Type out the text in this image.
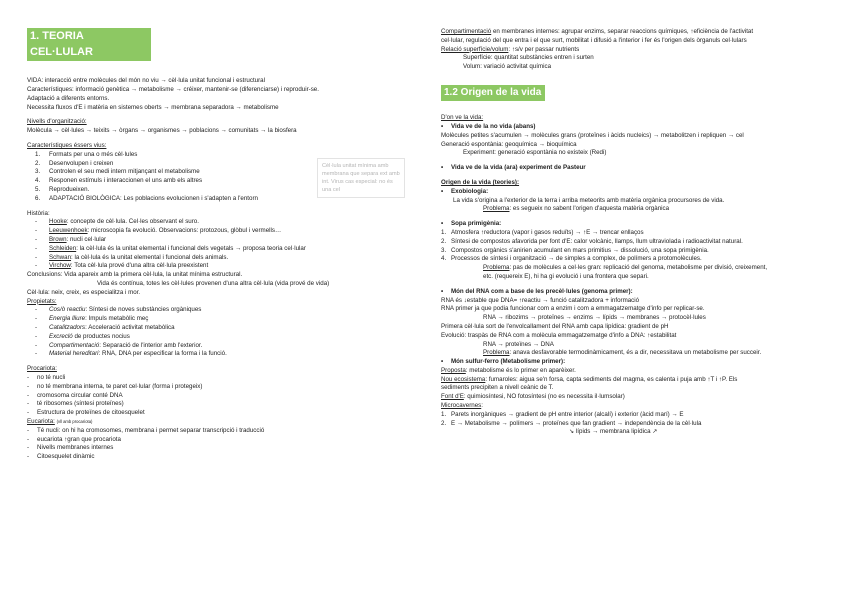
1. TEORIA CEL·LULAR

VIDA: interacció entre molècules del món no viu → cèl·lula unitat funcional i estructural

Característiques: informació genètica → metabolisme → créixer, mantenir-se (diferenciarse) i reproduir-se.

Adaptació a diferents entorns.

Necessita fluxos d'E i matèria en sistemes oberts → membrana separadora → metabolisme

Nivells d'organització:

Molècula → cèl·lules → teixits → òrgans → organismes → poblacions → comunitats → la biosfera

Característiques éssers vius:

1. Formats per una o més cèl·lules
2. Desenvolupen i creixen
3. Controlen el seu medi intern mitjançant el metabolisme
4. Responen estímuls i interaccionen el uns amb els altres
5. Reprodueixen.
6. ADAPTACIÓ BIOLÒGICA: Les poblacions evolucionen i s'adapten a l'entorn

Història:

- Hooke: concepte de cèl·lula. Cel·les observant el suro.
- Leeuwenhoek: microscopia fa evolució. Observacions: protozous, glòbul i vermells…
- Brown: nucli cel·lular
- Schleiden: la cèl·lula és la unitat elemental i funcional dels vegetals → proposa teoria cel·lular
- Schwan: la cèl·lula és la unitat elemental i funcional dels animals.
- Virchow: Tota cèl·lula prové d'una altra cèl·lula preexistent

Conclusions: Vida apareix amb la primera cèl·lula, la unitat mínima estructural.

Vida és contínua, totes les cèl·lules provenen d'una altra cèl·lula (vida prové de vida)

Cèl·lula: neix, creix, es especialitza i mor.

Propietats:

- Cos/ò reactiu: Síntesi de noves substàncies orgàniques
- Energia lliure: Impuls metabòlic meç
- Catalitzadors: Acceleració activitat metabòlica
- Excrecló de productes nocius
- Compartimentació: Separació de l'interior amb l'exterior.
- Material hereditari: RNA, DNA per especificar la forma i la funció.

Procariota:

- no té nucli
- no té membrana interna, te paret cel·lular (forma i protegeix)
- cromosoma circular conté DNA
- té ribosomes (síntesi proteïnes)
- Estructura de proteïnes de citoesquelet

Eucariota: (vll amb procariota)

- Té nucli: on hi ha cromosomes, membrana i permet separar transcripció i traducció
- eucariota ↑gran que procariota
- Nivells membranes internes
- Citoesquelet dinàmic
Cèl·lula unitat mínima amb membrana que separa ext amb int. Virus cas especial: no és una cel

Compartimentació en membranes internes: agrupar enzims, separar reaccions químiques, ↑eficiència de l'activitat

cel·lular, regulació del que entra i el que surt, mobilitat i difusió a l'interior i fer és l'origen dels òrganuls cel·lulars

Relació superfície/volum: ↑s/v per passar nutrients

Superfície: quantitat substàncies entren i surten

Volum: variació activitat química

1.2 Origen de la vida

D'on ve la vida:

• Vida ve de la no vida (abans)

Molècules petites s'acumulen → molècules grans (proteïnes i àcids nucleics) → metabolitzen i repliquen → cel

Generació espontània: geoquímica → bioquímica

Experiment: generació espontània no existeix (Redi)

• Vida ve de la vida (ara) experiment de Pasteur

Origen de la vida (teories):

• Exobiologia:

La vida s'origina a l'exterior de la terra i arriba meteorits amb matèria orgànica procursores de vida.

Problema: es segueix no sabent l'origen d'aquesta matèria orgànica

• Sopa primigènia:

1. Atmosfera ↑reductora (vapor i gasos reduïts) → ↑E → trencar enllaços
2. Síntesi de compostos afavorida per font d'E: calor volcànic, llamps, llum ultraviolada i radioactivitat natural.
3. Compostos orgànics s'anirien acumulant en mars primitius → dissolució, una sopa primigènia.
4. Processos de síntesi i organització → de simples a complex, de polímers a protomolècules.

Problema: pas de molècules a cel·les gran: replicació del genoma, metabolisme per divisió, creixement,

etc. (requereix E), hi ha gi evolució i una frontera que separi.

• Món del RNA com a base de les precèl·lules (genoma primer):

RNA és ↓estable que DNA= ↑reactiu → funció catalitzadora + informació

RNA primer ja que podia funcionar com a enzim i com a emmagatzematge d'info per replicar-se.

RNA → ribozims → proteïnes → enzims → lípids → membranes → protocèl·lules

Primera cèl·lula sort de l'envolcallament del RNA amb capa lipídica: gradient de pH

Evolució: traspàs de RNA com a molècula emmagatzematge d'info a DNA: ↑estabilitat

RNA → proteïnes → DNA

Problema: anava desfavorable termodinàmicament, és a dir, necessitava un metabolisme per succeir.

• Món sulfur-ferro (Metabolisme primer):

Proposta: metabolisme és lo primer en aparèixer.

Nou ecosistema: fumaroles: aigua se'n forsa, capta sediments del magma, es calenta i puja amb ↑T i ↑P. Els

sediments precipiten a nivell ceànic de T.

Font d'E: quimiosíntesi, NO fotosíntesi (no es necessita il·lumsolar)

Microcavernes:

1. Parets inorgàniques → gradient de pH entre interior (alcalí) i exterior (àcid marí) → E
2. E → Metabolisme → polímers → proteïnes que fan gradient → independència de la cèl·lula

↘ lípids → membrana lipídica ↗
